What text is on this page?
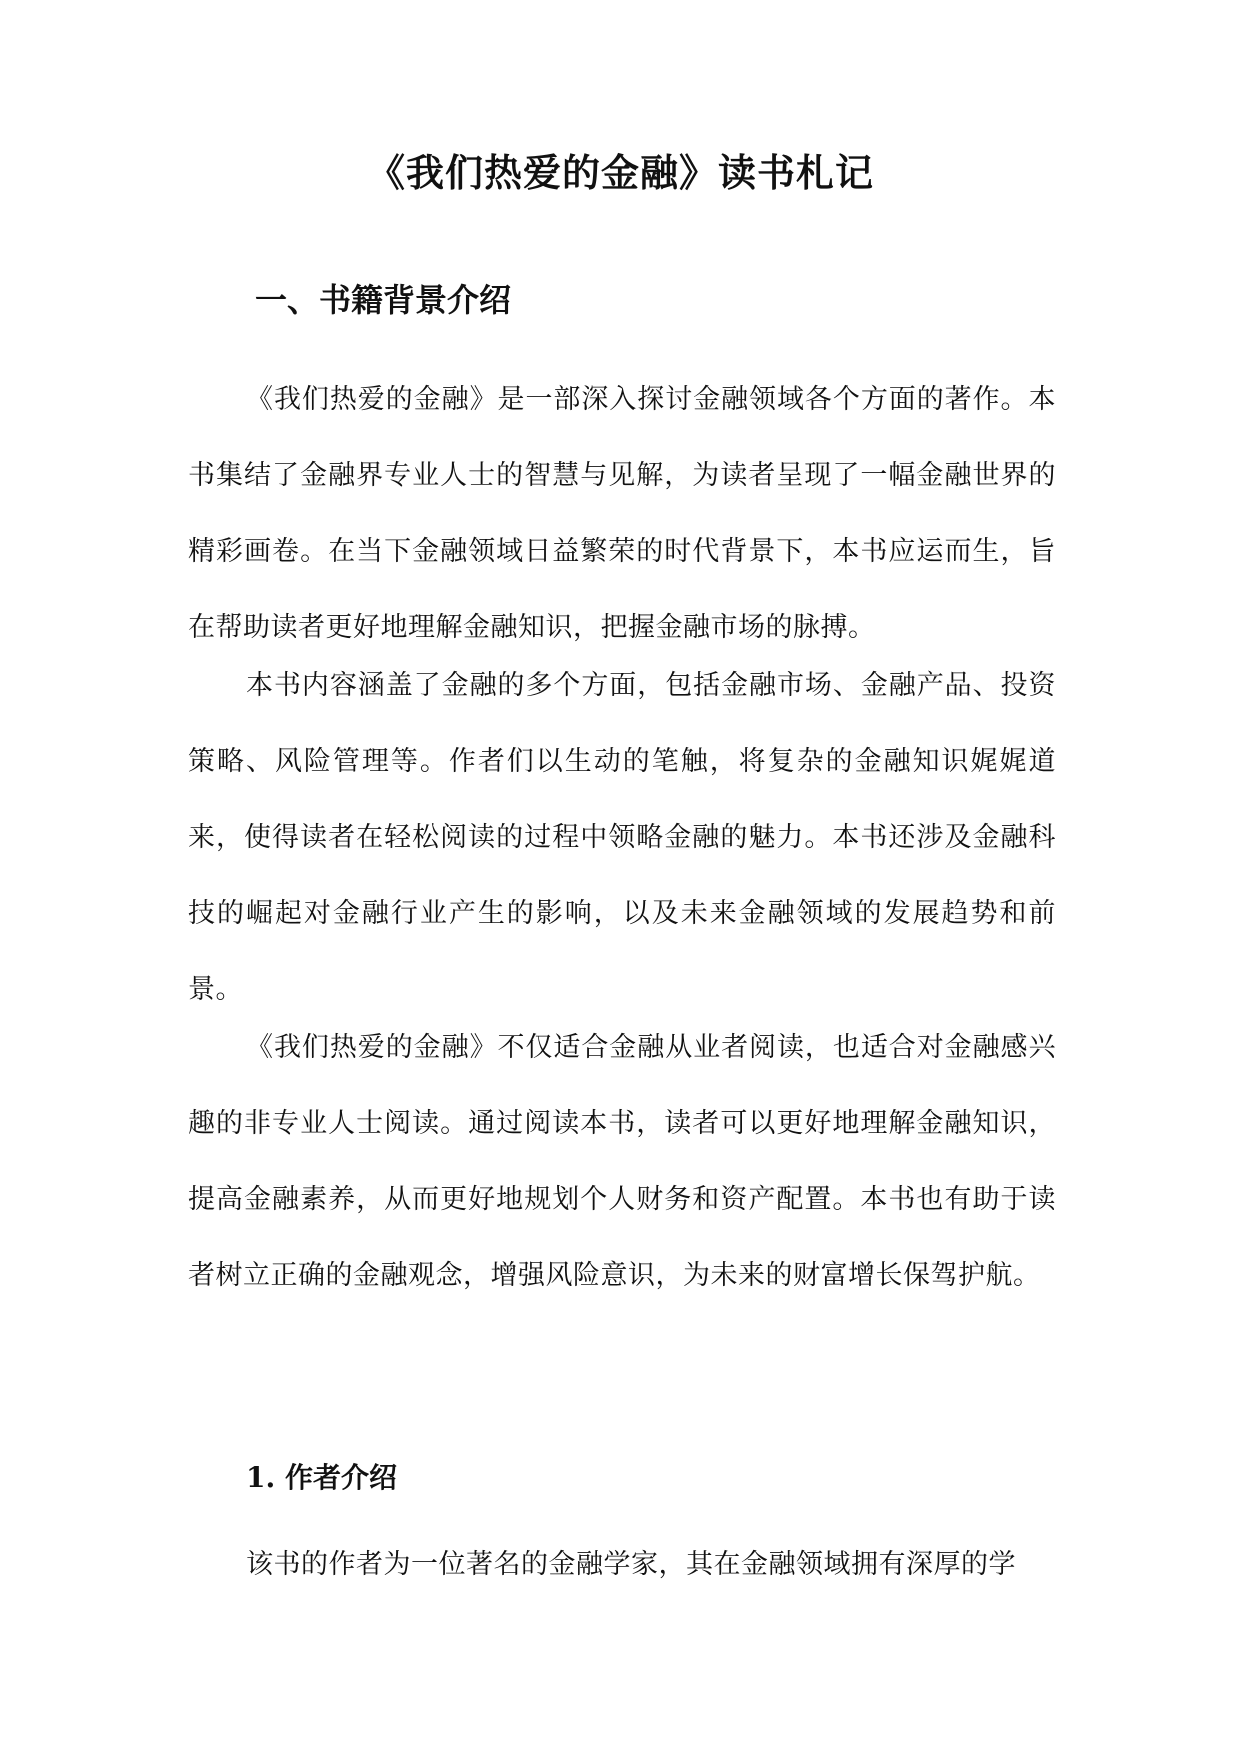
《我们热爱的金融》读书札记
一、书籍背景介绍

《我们热爱的金融》是一部深入探讨金融领域各个方面的著作。本书集结了金融界专业人士的智慧与见解，为读者呈现了一幅金融世界的精彩画卷。在当下金融领域日益繁荣的时代背景下，本书应运而生，旨在帮助读者更好地理解金融知识，把握金融市场的脉搏。

本书内容涵盖了金融的多个方面，包括金融市场、金融产品、投资策略、风险管理等。作者们以生动的笔触，将复杂的金融知识娓娓道来，使得读者在轻松阅读的过程中领略金融的魅力。本书还涉及金融科技的崛起对金融行业产生的影响，以及未来金融领域的发展趋势和前景。

《我们热爱的金融》不仅适合金融从业者阅读，也适合对金融感兴趣的非专业人士阅读。通过阅读本书，读者可以更好地理解金融知识，提高金融素养，从而更好地规划个人财务和资产配置。本书也有助于读者树立正确的金融观念，增强风险意识，为未来的财富增长保驾护航。

1. 作者介绍

该书的作者为一位著名的金融学家，其在金融领域拥有深厚的学
